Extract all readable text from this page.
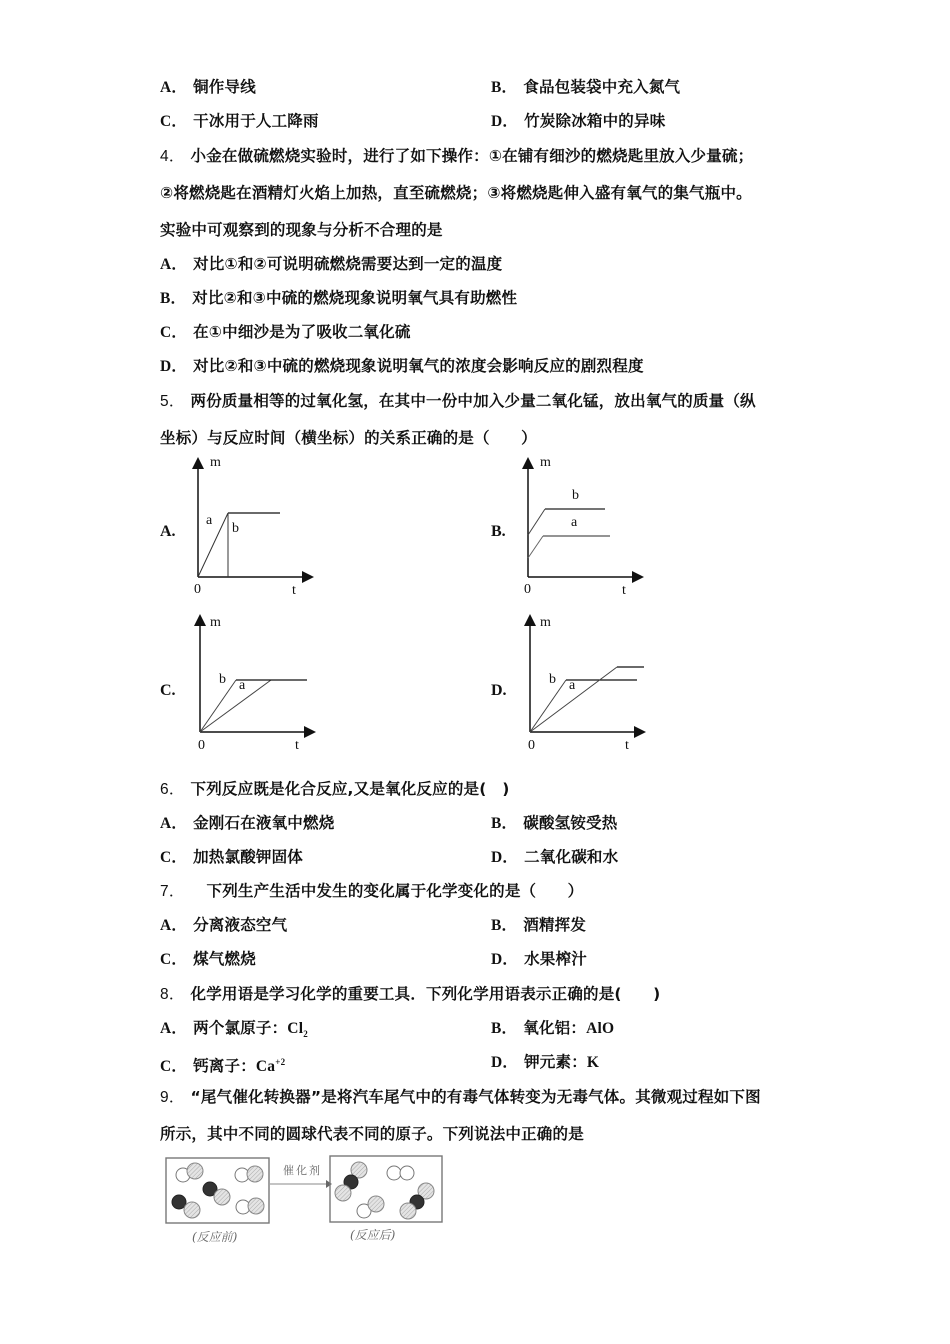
A． 铜作导线	B． 食品包装袋中充入氮气
C． 干冰用于人工降雨	D． 竹炭除冰箱中的异味
4． 小金在做硫燃烧实验时，进行了如下操作：①在铺有细沙的燃烧匙里放入少量硫；
②将燃烧匙在酒精灯火焰上加热，直至硫燃烧；③将燃烧匙伸入盛有氧气的集气瓶中。
实验中可观察到的现象与分析不合理的是
A． 对比①和②可说明硫燃烧需要达到一定的温度
B． 对比②和③中硫的燃烧现象说明氧气具有助燃性
C． 在①中细沙是为了吸收二氧化硫
D． 对比②和③中硫的燃烧现象说明氧气的浓度会影响反应的剧烈程度
5． 两份质量相等的过氧化氢，在其中一份中加入少量二氧化锰，放出氧气的质量（纵
坐标）与反应时间（横坐标）的关系正确的是（　　）
A.
m
t
0
a
b	B.
m
t
0
b
a
C.
m
t
0
b a	D.
m
t
0
b a
6． 下列反应既是化合反应,又是氧化反应的是(　)
A． 金刚石在液氧中燃烧	B． 碳酸氢铵受热
C． 加热氯酸钾固体	D． 二氧化碳和水
7． 下列生产生活中发生的变化属于化学变化的是（　　）
A． 分离液态空气	B． 酒精挥发
C． 煤气燃烧	D． 水果榨汁
8． 化学用语是学习化学的重要工具．下列化学用语表示正确的是(　　)
A． 两个氯原子：$Cl_2$	B． 氧化铝：AlO
C． 钙离子：$Ca^{+2}$	D． 钾元素：K
9． “尾气催化转换器”是将汽车尾气中的有毒气体转变为无毒气体。其微观过程如下图
所示，其中不同的圆球代表不同的原子。下列说法中正确的是
催化剂
(反应前)	(反应后)
